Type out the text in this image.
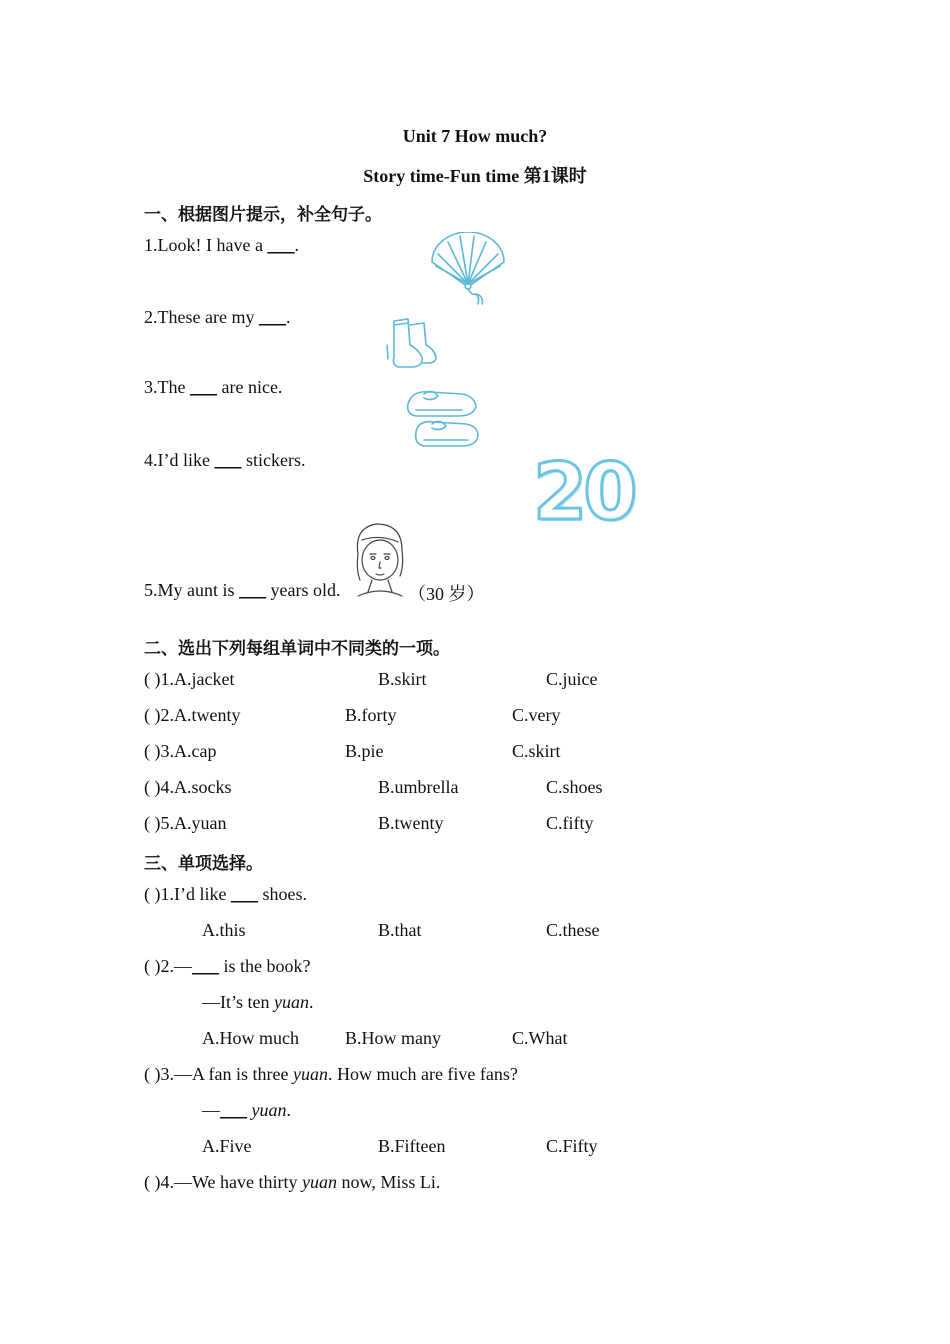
Unit 7 How much?
Story time-Fun time 第1课时
一、根据图片提示，补全句子。
1.Look! I have a ___.
2.These are my ___.
3.The ___ are nice.
4.I’d like ___ stickers.
5.My aunt is ___ years old.	（30 岁）
20
二、选出下列每组单词中不同类的一项。
( )1.A.jacket	B.skirt	C.juice
( )2.A.twenty	B.forty	C.very
( )3.A.cap	B.pie	C.skirt
( )4.A.socks	B.umbrella	C.shoes
( )5.A.yuan	B.twenty	C.fifty
三、单项选择。
( )1.I’d like ___ shoes.
A.this	B.that	C.these
( )2.—___ is the book?
—It’s ten yuan.
A.How much	B.How many	C.What
( )3.—A fan is three yuan. How much are five fans?
—___ yuan.
A.Five	B.Fifteen	C.Fifty
( )4.—We have thirty yuan now, Miss Li.
